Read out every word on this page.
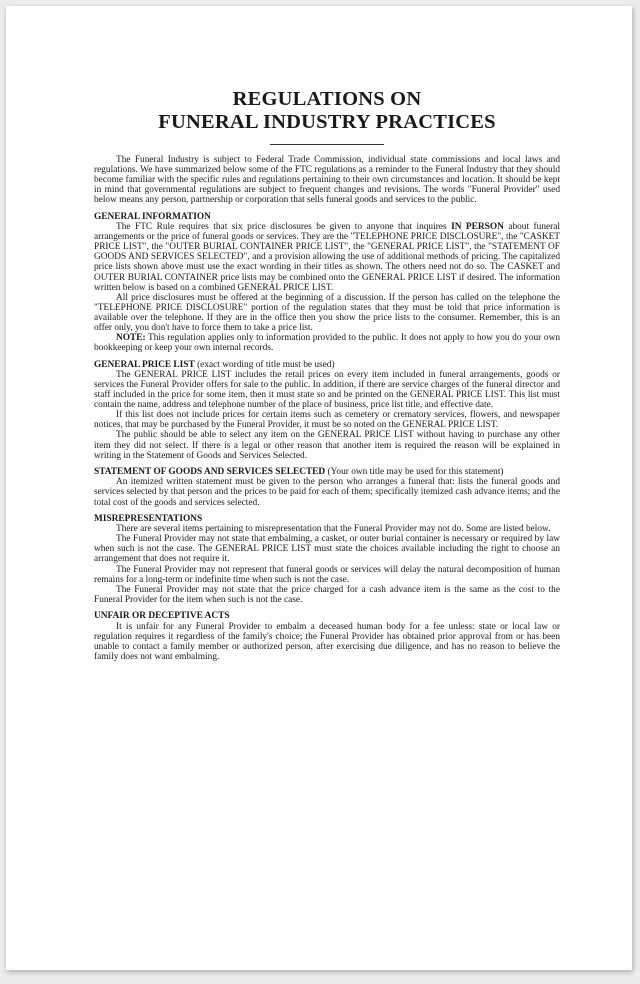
REGULATIONS ON
FUNERAL INDUSTRY PRACTICES

The Funeral Industry is subject to Federal Trade Commission, individual state commissions and local laws and regulations. We have summarized below some of the FTC regulations as a reminder to the Funeral Industry that they should become familiar with the specific rules and regulations pertaining to their own circumstances and location. It should be kept in mind that governmental regulations are subject to frequent changes and revisions. The words "Funeral Provider" used below means any person, partnership or corporation that sells funeral goods and services to the public.

GENERAL INFORMATION

The FTC Rule requires that six price disclosures be given to anyone that inquires IN PERSON about funeral arrangements or the price of funeral goods or services. They are the "TELEPHONE PRICE DISCLOSURE", the "CASKET PRICE LIST", the "OUTER BURIAL CONTAINER PRICE LIST", the "GENERAL PRICE LIST", the "STATEMENT OF GOODS AND SERVICES SELECTED", and a provision allowing the use of additional methods of pricing. The capitalized price lists shown above must use the exact wording in their titles as shown. The others need not do so. The CASKET and OUTER BURIAL CONTAINER price lists may be combined onto the GENERAL PRICE LIST if desired. The information written below is based on a combined GENERAL PRICE LIST.

All price disclosures must be offered at the beginning of a discussion. If the person has called on the telephone the "TELEPHONE PRICE DISCLOSURE" portion of the regulation states that they must be told that price information is available over the telephone. If they are in the office then you show the price lists to the consumer. Remember, this is an offer only, you don't have to force them to take a price list.

NOTE: This regulation applies only to information provided to the public. It does not apply to how you do your own bookkeeping or keep your own internal records.

GENERAL PRICE LIST (exact wording of title must be used)

The GENERAL PRICE LIST includes the retail prices on every item included in funeral arrangements, goods or services the Funeral Provider offers for sale to the public. In addition, if there are service charges of the funeral director and staff included in the price for some item, then it must state so and be printed on the GENERAL PRICE LIST. This list must contain the name, address and telephone number of the place of business, price list title, and effective date.

If this list does not include prices for certain items such as cemetery or crematory services, flowers, and newspaper notices, that may be purchased by the Funeral Provider, it must be so noted on the GENERAL PRICE LIST.

The public should be able to select any item on the GENERAL PRICE LIST without having to purchase any other item they did not select. If there is a legal or other reason that another item is required the reason will be explained in writing in the Statement of Goods and Services Selected.

STATEMENT OF GOODS AND SERVICES SELECTED (Your own title may be used for this statement)

An itemized written statement must be given to the person who arranges a funeral that: lists the funeral goods and services selected by that person and the prices to be paid for each of them; specifically itemized cash advance items; and the total cost of the goods and services selected.

MISREPRESENTATIONS

There are several items pertaining to misrepresentation that the Funeral Provider may not do. Some are listed below.

The Funeral Provider may not state that embalming, a casket, or outer burial container is necessary or required by law when such is not the case. The GENERAL PRICE LIST must state the choices available including the right to choose an arrangement that does not require it.

The Funeral Provider may not represent that funeral goods or services will delay the natural decomposition of human remains for a long-term or indefinite time when such is not the case.

The Funeral Provider may not state that the price charged for a cash advance item is the same as the cost to the Funeral Provider for the item when such is not the case.

UNFAIR OR DECEPTIVE ACTS

It is unfair for any Funeral Provider to embalm a deceased human body for a fee unless: state or local law or regulation requires it regardless of the family's choice; the Funeral Provider has obtained prior approval from or has been unable to contact a family member or authorized person, after exercising due diligence, and has no reason to believe the family does not want embalming.
